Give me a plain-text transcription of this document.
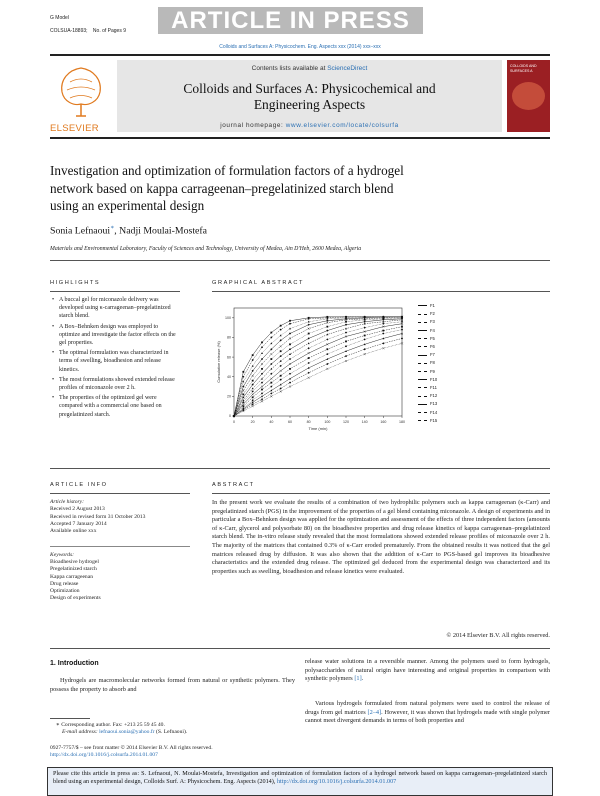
G Model
COLSUA-18893; No. of Pages 9	ARTICLE IN PRESS
Colloids and Surfaces A: Physicochem. Eng. Aspects xxx (2014) xxx–xxx
ELSEVIER
Contents lists available at ScienceDirect
Colloids and Surfaces A: Physicochemical and
Engineering Aspects
journal homepage: www.elsevier.com/locate/colsurfa
COLLOIDS AND SURFACES A
Investigation and optimization of formulation factors of a hydrogel
network based on kappa carrageenan–pregelatinized starch blend
using an experimental design
Sonia Lefnaoui∗, Nadji Moulai-Mostefa
Materials and Environmental Laboratory, Faculty of Sciences and Technology, University of Medea, Ain D'Heb, 2600 Medea, Algeria
HIGHLIGHTS
• A buccal gel for miconazole delivery was developed using κ-carrageenan–pregelatinized starch blend.
• A Box–Behnken design was employed to optimize and investigate the factor effects on the gel properties.
• The optimal formulation was characterized in terms of swelling, bioadhesion and release kinetics.
• The most formulations showed extended release profiles of miconazole over 2 h.
• The properties of the optimized gel were compared with a commercial one based on pregelatinized starch.
GRAPHICAL ABSTRACT
0	20	40	60	80	100	120	140	160	180
0
20
40
60
80
100
Time (min)
Cumulative release (%)
F1
F2
F3
F4
F5
F6
F7
F8
F9
F10
F11
F12
F13
F14
F15
ARTICLE INFO
Article history:
Received 2 August 2013
Received in revised form 31 October 2013
Accepted 7 January 2014
Available online xxx
Keywords:
Bioadhesive hydrogel
Pregelatinized starch
Kappa carrageenan
Drug release
Optimization
Design of experiments
ABSTRACT
In the present work we evaluate the results of a combination of two hydrophilic polymers such as kappa carrageenan (κ-Carr) and pregelatinized starch (PGS) in the improvement of the properties of a gel blend containing miconazole. A design of experiments and in particular a Box–Behnken design was applied for the optimization and assessment of the effects of three independent factors (amounts of κ-Carr, glycerol and polysorbate 80) on the bioadhesive properties and drug release kinetics of kappa carrageenan–pregelatinized starch blend. The in-vitro release study revealed that the most formulations showed extended release profiles of miconazole over 2 h. The majority of the matrices that contained 0.3% of κ-Carr eroded prematurely. From the obtained results it was noticed that the gel matrices released drug by diffusion. It was also shown that the addition of κ-Carr to PGS-based gel improves its bioadhesive characteristics and the extended drug release. The optimized gel deduced from the experimental design was characterized and its properties such as swelling, bioadhesion and release kinetics were evaluated.
© 2014 Elsevier B.V. All rights reserved.
1. Introduction
Hydrogels are macromolecular networks formed from natural or synthetic polymers. They possess the property to absorb and
release water solutions in a reversible manner. Among the polymers used to form hydrogels, polysaccharides of natural origin have interesting and original properties in comparison with synthetic polymers [1].
Various hydrogels formulated from natural polymers were used to control the release of drugs from gel matrices [2–4]. However, it was shown that hydrogels made with single polymer cannot meet divergent demands in terms of both properties and
∗ Corresponding author. Fax: +213 25 59 45 40.
E-mail address: lefnaoui.sonia@yahoo.fr (S. Lefnaoui).
0927-7757/$ – see front matter © 2014 Elsevier B.V. All rights reserved.
http://dx.doi.org/10.1016/j.colsurfa.2014.01.007
Please cite this article in press as: S. Lefnaoui, N. Moulai-Mostefa, Investigation and optimization of formulation factors of a hydrogel network based on kappa carrageenan–pregelatinized starch blend using an experimental design, Colloids Surf. A: Physicochem. Eng. Aspects (2014), http://dx.doi.org/10.1016/j.colsurfa.2014.01.007
